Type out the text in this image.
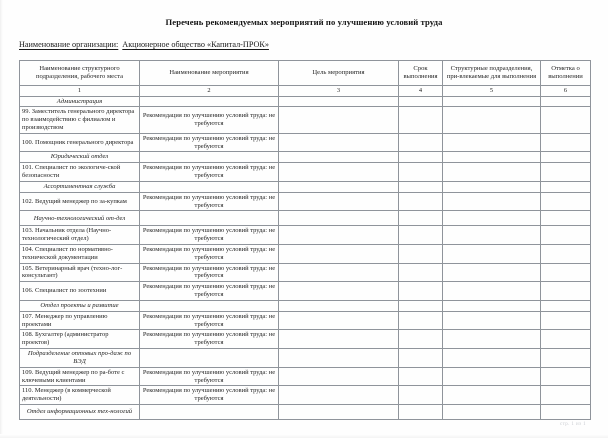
Перечень рекомендуемых мероприятий по улучшению условий труда

Наименование организации: Акционерное общество «Капитал-ПРОК»

Наименование структурного подразделения, рабочего места	Наименование мероприятия	Цель мероприятия	Срок выполнения	Структурные подразделения, при-влекаемые для выполнения	Отметка о выполнении
1	2	3	4	5	6
Администрация					
99. Заместитель генерального директора по взаимодействию с филиалом и производством	Рекомендация по улучшению условий труда: не требуются				
100. Помощник генерального директора	Рекомендация по улучшению условий труда: не требуются				
Юридический отдел					
101. Специалист по экологиче-ской безопасности	Рекомендация по улучшению условий труда: не требуются				
Ассортиментная служба					
102. Ведущий менеджер по за-купкам	Рекомендация по улучшению условий труда: не требуются				
Научно-технологический от-дел					
103. Начальник отдела (Научно-технологический отдел)	Рекомендация по улучшению условий труда: не требуются				
104. Специалист по нормативно-технической документации	Рекомендация по улучшению условий труда: не требуются				
105. Ветеринарный врач (техно-лог-консультант)	Рекомендация по улучшению условий труда: не требуются				
106. Специалист по зоотехнии	Рекомендация по улучшению условий труда: не требуются				
Отдел проекты и развитие					
107. Менеджер по управлению проектами	Рекомендация по улучшению условий труда: не требуются				
108. Бухгалтер (администратор проектов)	Рекомендация по улучшению условий труда: не требуются				
Подразделение оптовых про-даж по ВЭД					
109. Ведущий менеджер по ра-боте с ключевыми клиентами	Рекомендация по улучшению условий труда: не требуются				
110. Менеджер (в коммерческой деятельности)	Рекомендация по улучшению условий труда: не требуются				
Отдел информационных тех-нологий					
стр. 1 из 1
